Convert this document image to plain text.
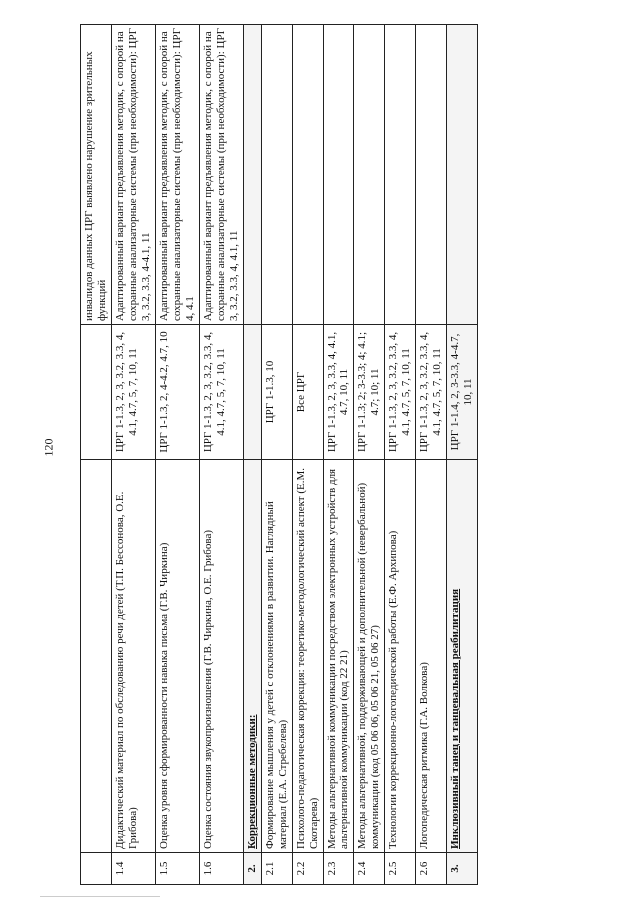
120
			инвалидов данных ЦРГ выявлено нарушение зрительных функций
1.4	Дидактический материал по обследованию речи детей (Т.П. Бессонова, О.Е. Грибова)	ЦРГ 1-1.3, 2, 3, 3.2, 3.3, 4, 4.1, 4.7, 5, 7, 10, 11	Адаптированный вариант предъявления методик, с опорой на сохранные анализаторные системы (при необходимости): ЦРГ 3, 3.2, 3.3, 4-4.1, 11
1.5	Оценка уровня сформированности навыка письма (Г.В. Чиркина)	ЦРГ 1-1.3, 2, 4-4.2, 4.7, 10	Адаптированный вариант предъявления методик, с опорой на сохранные анализаторные системы (при необходимости): ЦРГ 4, 4.1
1.6	Оценка состояния звукопроизношения (Г.В. Чиркина, О.Е. Грибова)	ЦРГ 1-1.3, 2, 3, 3.2, 3.3, 4, 4.1, 4.7, 5, 7, 10, 11	Адаптированный вариант предъявления методик, с опорой на сохранные анализаторные системы (при необходимости): ЦРГ 3, 3.2, 3.3, 4, 4.1, 11
2.	Коррекционные методики:		
2.1	Формирование мышления у детей с отклонениями в развитии. Наглядный материал (Е.А. Стребелева)	ЦРГ 1-1.3, 10	
2.2	Психолого-педагогическая коррекция: теоретико-методологический аспект (Е.М. Скотарева)	Все ЦРГ	
2.3	Методы альтернативной коммуникации посредством электронных устройств для альтернативной коммуникации (код 22 21)	ЦРГ 1-1.3, 2, 3, 3.3, 4, 4.1, 4.7, 10, 11	
2.4	Методы альтернативной, поддерживающей и дополнительной (невербальной) коммуникации (код 05 06 06, 05 06 21, 05 06 27)	ЦРГ 1-1.3; 2; 3-3.3; 4; 4.1; 4.7; 10; 11	
2.5	Технологии коррекционно-логопедической работы (Е.Ф. Архипова)	ЦРГ 1-1.3, 2, 3, 3.2, 3.3, 4, 4.1, 4.7, 5, 7, 10, 11	
2.6	Логопедическая ритмика (Г.А. Волкова)	ЦРГ 1-1.3, 2, 3, 3.2, 3.3, 4, 4.1, 4.7, 5, 7, 10, 11	
3.	Инклюзивный танец и танцевальная реабилитация	ЦРГ 1-1.4, 2, 3-3.3, 4-4.7, 10, 11	
